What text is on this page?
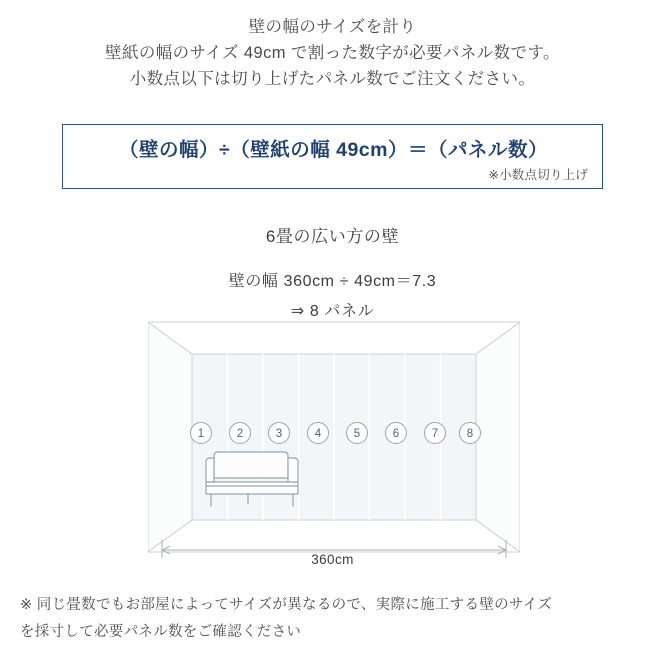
壁の幅のサイズを計り
壁紙の幅のサイズ 49cm で割った数字が必要パネル数です。
小数点以下は切り上げたパネル数でご注文ください。
（壁の幅）÷（壁紙の幅 49cm）＝（パネル数）
※小数点切り上げ
6畳の広い方の壁
壁の幅 360cm ÷ 49cm＝7.3
⇒ 8 パネル
1	2	3	4	5	6	7	8
360cm
※ 同じ畳数でもお部屋によってサイズが異なるので、実際に施工する壁のサイズ
を採寸して必要パネル数をご確認ください
